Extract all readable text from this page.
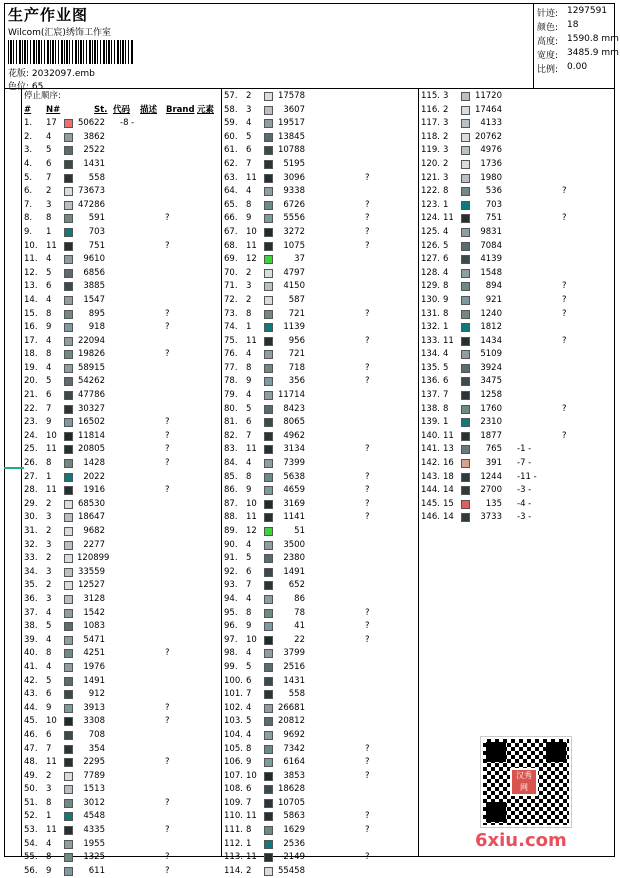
生产作业图
Wilcom(汇宸)绣饰工作室
花版: 2032097.emb
色位: 65
针迹: 1297591
颜色: 18
高度: 1590.8 mm
宽度: 3485.9 mm
比例: 0.00
停止顺序:
# N#	St. 代码 描述 Brand 元素
1. 17 50622 -8 -
2. 4	3862
3. 5	2522
4. 6	1431
5. 7	558
6. 2	73673
7. 3	47286
8. 8	591	?
9. 1	703
10. 11	751	?
11. 4	9610
12. 5	6856
13. 6	3885
14. 4	1547
15. 8	895	?
16. 9	918	?
17. 4	22094
18. 8	19826	?
19. 4	58915
20. 5	54262
21. 6	47786
22. 7	30327
23. 9	16502	?
24. 10 11814	?
25. 11 20805	?
26. 8	1428	?
27. 1	2022
28. 11	1916	?
29. 2	68530
30. 3	18647
31. 2	9682
32. 3	2277
33. 2	120899
34. 3	33559
35. 2	12527
36. 3	3128
37. 4	1542
38. 5	1083
39. 4	5471
40. 8	4251	?
41. 4	1976
42. 5	1491
43. 6	912
44. 9	3913	?
45. 10	3308	?
46. 6	708
47. 7	354
48. 11	2295	?
49. 2	7789
50. 3	1513
51. 8	3012	?
52. 1	4548
53. 11	4335	?
54. 4	1955
55. 8	1325	?
56. 9	611	?
57. 2	17578
58. 3	3607
59. 4	19517
60. 5	13845
61. 6	10788
62. 7	5195
63. 11	3096	?
64. 4	9338
65. 8	6726	?
66. 9	5556	?
67. 10	3272	?
68. 11	1075	?
69. 12	37
70. 2	4797
71. 3	4150
72. 2	587
73. 8	721	?
74. 1	1139
75. 11	956	?
76. 4	721
77. 8	718	?
78. 9	356	?
79. 4	11714
80. 5	8423
81. 6	8065
82. 7	4962
83. 11	3134	?
84. 4	7399
85. 8	5638	?
86. 9	4659	?
87. 10	3169	?
88. 11	1141	?
89. 12	51
90. 4	3500
91. 5	2380
92. 6	1491
93. 7	652
94. 4	86
95. 8	78	?
96. 9	41	?
97. 10	22	?
98. 4	3799
99. 5	2516
100. 6	1431
101. 7	558
102. 4	26681
103. 5	20812
104. 4	9692
105. 8	7342	?
106. 9	6164	?
107. 10	3853	?
108. 6	18628
109. 7	10705
110. 11	5863	?
111. 8	1629	?
112. 1	2536
113. 11	2149	?
114. 2	55458
115. 3	11720
116. 2	17464
117. 3	4133
118. 2	20762
119. 3	4976
120. 2	1736
121. 3	1980
122. 8	536	?
123. 1	703
124. 11	751	?
125. 4	9831
126. 5	7084
127. 6	4139
128. 4	1548
129. 8	894	?
130. 9	921	?
131. 8	1240	?
132. 1	1812
133. 11	1434	?
134. 4	5109
135. 5	3924
136. 6	3475
137. 7	1258
138. 8	1760	?
139. 1	2310
140. 11	1877	?
141. 13	765 -1 -
142. 16	391 -7 -
143. 18	1244 -11 -
144. 14	2700 -3 -
145. 15	135 -4 -
146. 14	3733 -3 -
汉秀 网
6xiu.com
